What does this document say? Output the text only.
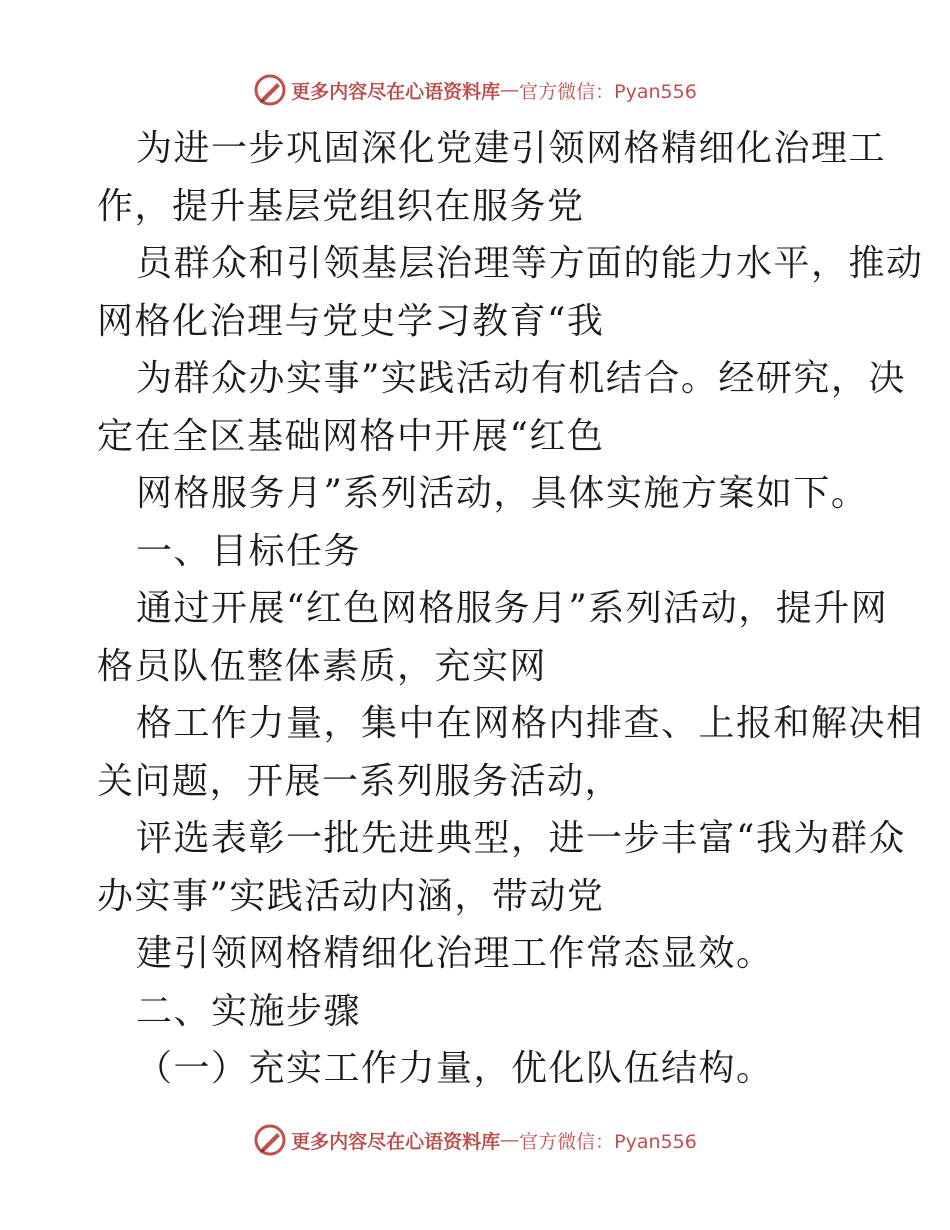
更多内容尽在心语资料库 — 官方微信：Pyan556
为进一步巩固深化党建引领网格精细化治理工
作，提升基层党组织在服务党
员群众和引领基层治理等方面的能力水平，推动
网格化治理与党史学习教育“我
为群众办实事”实践活动有机结合。经研究，决
定在全区基础网格中开展“红色
网格服务月”系列活动，具体实施方案如下。
一、目标任务
通过开展“红色网格服务月”系列活动，提升网
格员队伍整体素质，充实网
格工作力量，集中在网格内排查、上报和解决相
关问题，开展一系列服务活动，
评选表彰一批先进典型，进一步丰富“我为群众
办实事”实践活动内涵，带动党
建引领网格精细化治理工作常态显效。
二、实施步骤
（一）充实工作力量，优化队伍结构。
更多内容尽在心语资料库 — 官方微信：Pyan556
